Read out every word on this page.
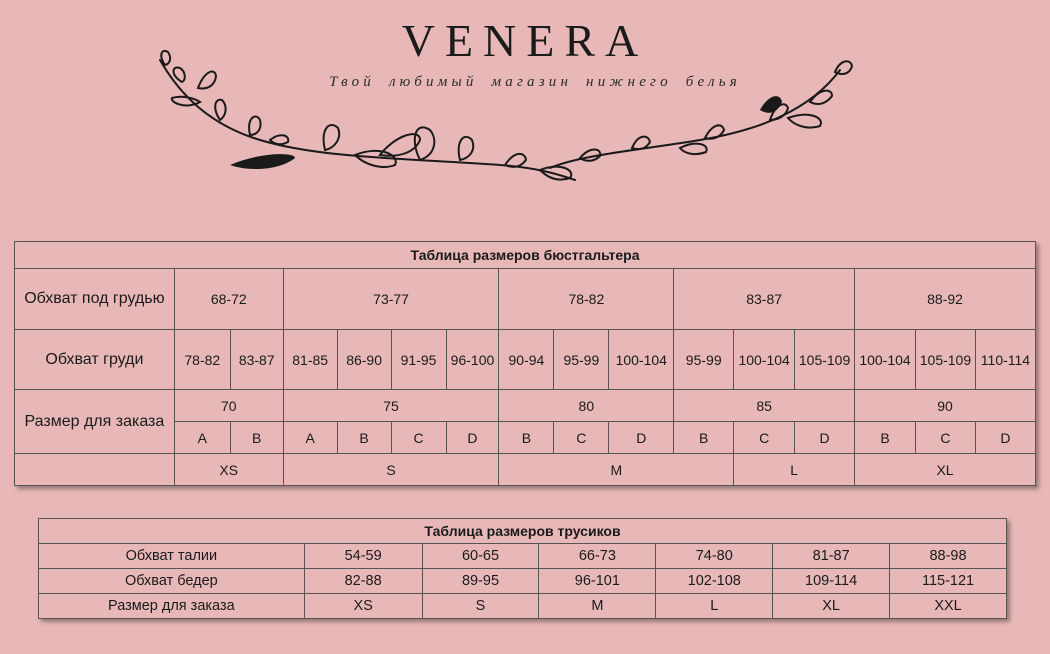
VENERA
Твой любимый магазин нижнего белья
Таблица размеров бюстгальтера															
Обхват под грудью	68-72		73-77				78-82			83-87			88-92		
Обхват груди	78-82	83-87	81-85	86-90	91-95	96-100	90-94	95-99	100-104	95-99	100-104	105-109	100-104	105-109	110-114
Размер для заказа	70		75				80			85			90		
	A	B	A	B	C	D	B	C	D	B	C	D	B	C	D
	XS		S				M				L		XL		
Таблица размеров трусиков						
Обхват талии	54-59	60-65	66-73	74-80	81-87	88-98
Обхват бедер	82-88	89-95	96-101	102-108	109-114	115-121
Размер для заказа	XS	S	M	L	XL	XXL
